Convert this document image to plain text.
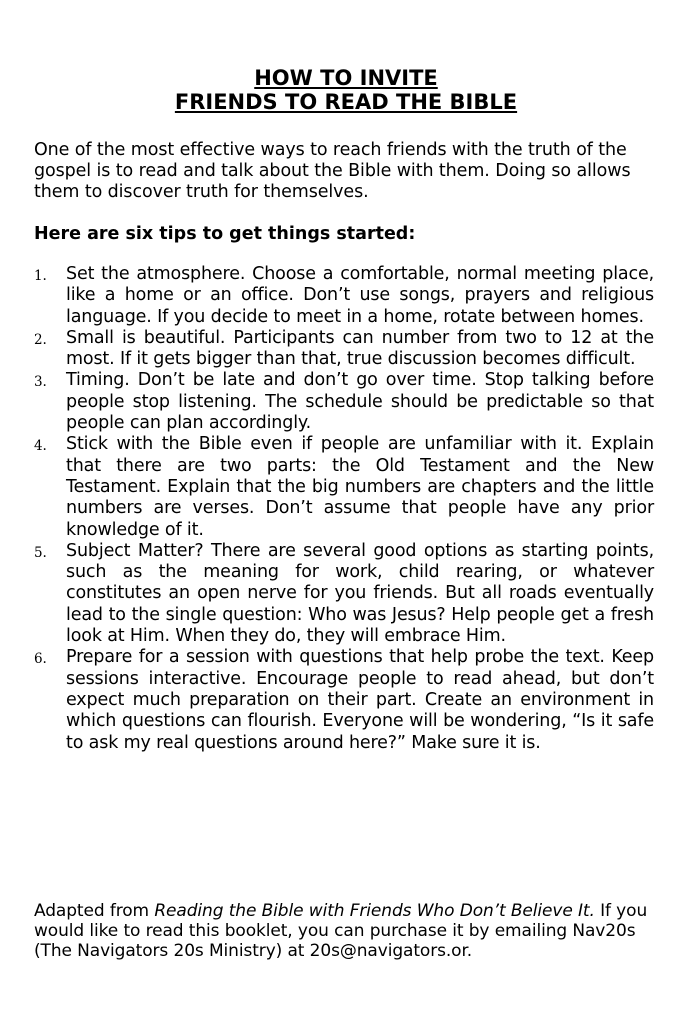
HOW TO INVITE
FRIENDS TO READ THE BIBLE
One of the most effective ways to reach friends with the truth of the gospel is to read and talk about the Bible with them. Doing so allows them to discover truth for themselves.
Here are six tips to get things started:
1. Set the atmosphere. Choose a comfortable, normal meeting place, like a home or an office. Don’t use songs, prayers and religious language. If you decide to meet in a home, rotate between homes.
2. Small is beautiful. Participants can number from two to 12 at the most. If it gets bigger than that, true discussion becomes difficult.
3. Timing. Don’t be late and don’t go over time. Stop talking before people stop listening. The schedule should be predictable so that people can plan accordingly.
4. Stick with the Bible even if people are unfamiliar with it. Explain that there are two parts: the Old Testament and the New Testament. Explain that the big numbers are chapters and the little numbers are verses. Don’t assume that people have any prior knowledge of it.
5. Subject Matter? There are several good options as starting points, such as the meaning for work, child rearing, or whatever constitutes an open nerve for you friends. But all roads eventually lead to the single question: Who was Jesus? Help people get a fresh look at Him. When they do, they will embrace Him.
6. Prepare for a session with questions that help probe the text. Keep sessions interactive. Encourage people to read ahead, but don’t expect much preparation on their part. Create an environment in which questions can flourish. Everyone will be wondering, “Is it safe to ask my real questions around here?” Make sure it is.
Adapted from Reading the Bible with Friends Who Don’t Believe It. If you would like to read this booklet, you can purchase it by emailing Nav20s (The Navigators 20s Ministry) at 20s@navigators.or.
